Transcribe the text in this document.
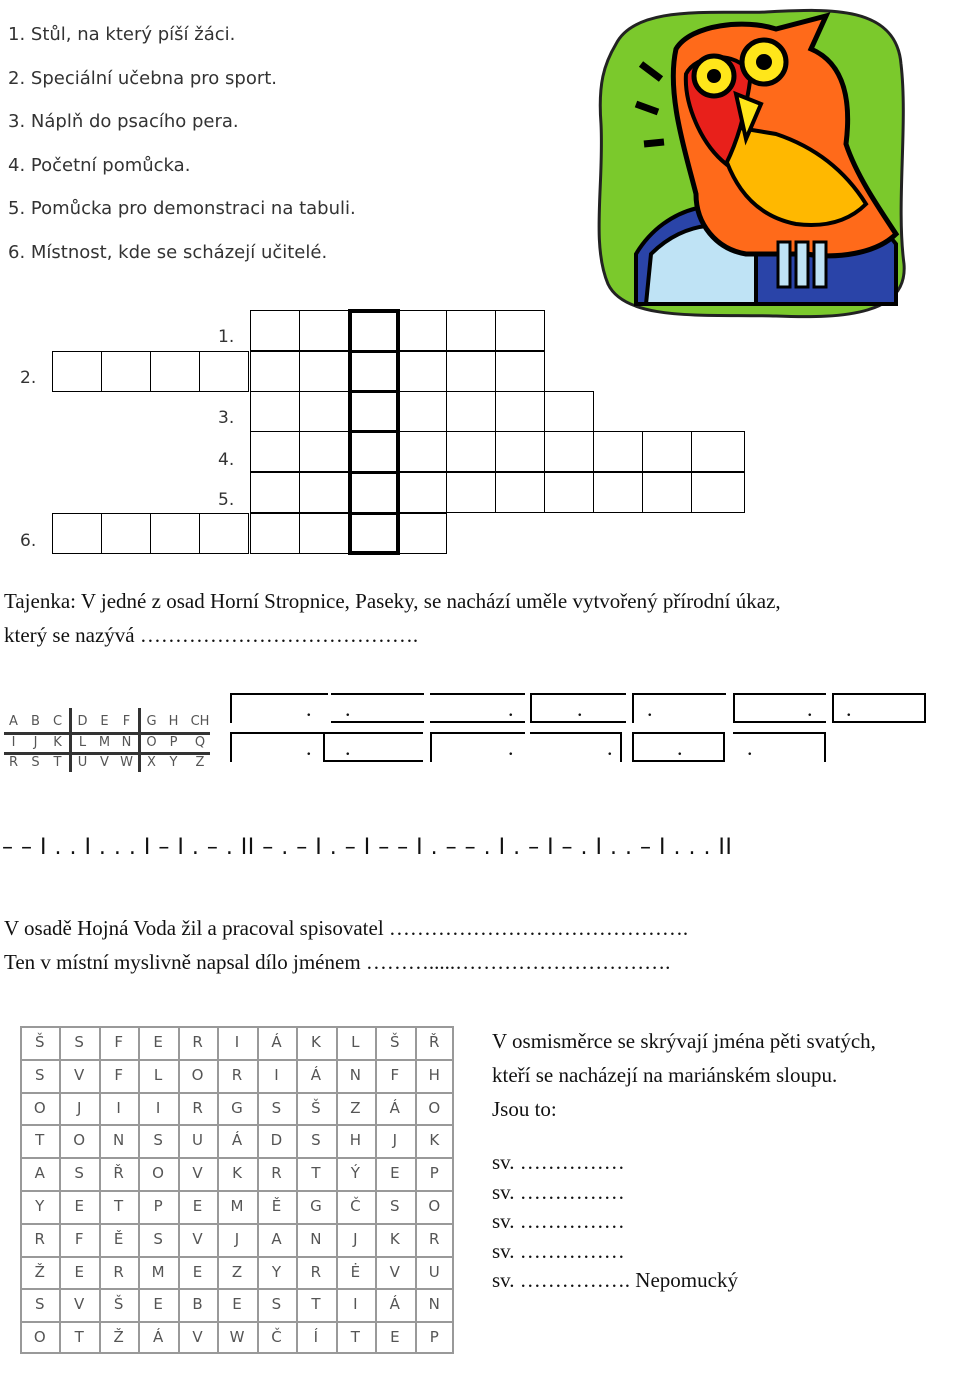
1. Stůl, na který píší žáci.
2. Speciální učebna pro sport.
3. Náplň do psacího pera.
4. Početní pomůcka.
5. Pomůcka pro demonstraci na tabuli.
6. Místnost, kde se scházejí učitelé.
1.
2.
3.
4.
5.
6.
Tajenka: V jedné z osad Horní Stropnice, Paseky, se nachází uměle vytvořený přírodní úkaz,
který se nazývá ………………………………….
A	B	C	D E	F	G H CH
I	J	K	L M N	O P	Q
R	S	T	U V W	X	Y	Z
. .	.	.	.	. .
. .	.	.	.	.
– – I . . I . . . I – I . – . II – . – I . – I – – I . – – . I . – I – . I . . – I . . . II
V osadě Hojná Voda žil a pracoval spisovatel …………………………………….
Ten v místní myslivně napsal dílo jménem ……….....………………………….
Š	S	F	E	R	I	Á	K	L	Š	Ř
S	V	F	L	O	R	I	Á	N	F	H
O	J	I	I	R	G	S	Š	Z	Á	O
T	O	N	S	U	Á	D	S	H	J	K
A	S	Ř	O	V	K	R	T	Ý	E	P
Y	E	T	P	E	M	Ě	G	Č	S	O
R	F	Ě	S	V	J	A	N	J	K	R
Ž	E	R	M	E	Z	Y	R	Ė	V	U
S	V	Š	E	B	E	S	T	I	Á	N
O	T	Ž	Á	V	W	Č	Í	T	E	P
V osmisměrce se skrývají jména pěti svatých,
kteří se nacházejí na mariánském sloupu.
Jsou to:
sv. ……………
sv. ……………
sv. ……………
sv. ……………
sv. ……………. Nepomucký
